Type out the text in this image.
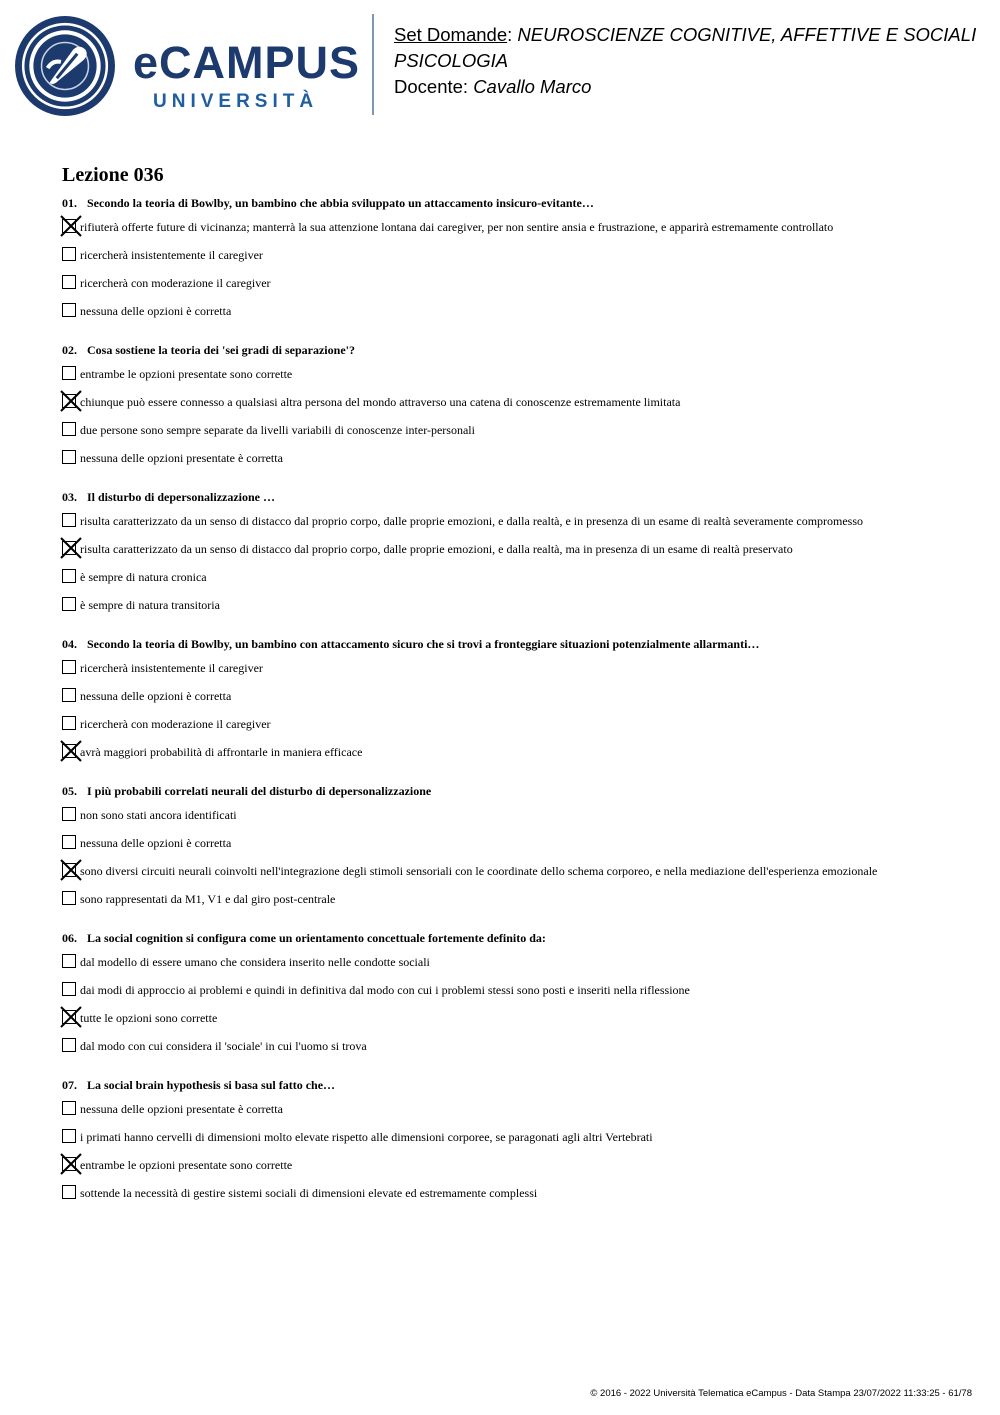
eCAMPUS
UNIVERSITÀ
Set Domande: NEUROSCIENZE COGNITIVE, AFFETTIVE E SOCIALI
PSICOLOGIA
Docente: Cavallo Marco
Lezione 036
01. Secondo la teoria di Bowlby, un bambino che abbia sviluppato un attaccamento insicuro-evitante…
rifiuterà offerte future di vicinanza; manterrà la sua attenzione lontana dai caregiver, per non sentire ansia e frustrazione, e apparirà estremamente controllato
ricercherà insistentemente il caregiver
ricercherà con moderazione il caregiver
nessuna delle opzioni è corretta
02. Cosa sostiene la teoria dei 'sei gradi di separazione'?
entrambe le opzioni presentate sono corrette
chiunque può essere connesso a qualsiasi altra persona del mondo attraverso una catena di conoscenze estremamente limitata
due persone sono sempre separate da livelli variabili di conoscenze inter-personali
nessuna delle opzioni presentate è corretta
03. Il disturbo di depersonalizzazione …
risulta caratterizzato da un senso di distacco dal proprio corpo, dalle proprie emozioni, e dalla realtà, e in presenza di un esame di realtà severamente compromesso
risulta caratterizzato da un senso di distacco dal proprio corpo, dalle proprie emozioni, e dalla realtà, ma in presenza di un esame di realtà preservato
è sempre di natura cronica
è sempre di natura transitoria
04. Secondo la teoria di Bowlby, un bambino con attaccamento sicuro che si trovi a fronteggiare situazioni potenzialmente allarmanti…
ricercherà insistentemente il caregiver
nessuna delle opzioni è corretta
ricercherà con moderazione il caregiver
avrà maggiori probabilità di affrontarle in maniera efficace
05. I più probabili correlati neurali del disturbo di depersonalizzazione
non sono stati ancora identificati
nessuna delle opzioni è corretta
sono diversi circuiti neurali coinvolti nell'integrazione degli stimoli sensoriali con le coordinate dello schema corporeo, e nella mediazione dell'esperienza emozionale
sono rappresentati da M1, V1 e dal giro post-centrale
06. La social cognition si configura come un orientamento concettuale fortemente definito da:
dal modello di essere umano che considera inserito nelle condotte sociali
dai modi di approccio ai problemi e quindi in definitiva dal modo con cui i problemi stessi sono posti e inseriti nella riflessione
tutte le opzioni sono corrette
dal modo con cui considera il 'sociale' in cui l'uomo si trova
07. La social brain hypothesis si basa sul fatto che…
nessuna delle opzioni presentate è corretta
i primati hanno cervelli di dimensioni molto elevate rispetto alle dimensioni corporee, se paragonati agli altri Vertebrati
entrambe le opzioni presentate sono corrette
sottende la necessità di gestire sistemi sociali di dimensioni elevate ed estremamente complessi
© 2016 - 2022 Università Telematica eCampus - Data Stampa 23/07/2022 11:33:25 - 61/78
